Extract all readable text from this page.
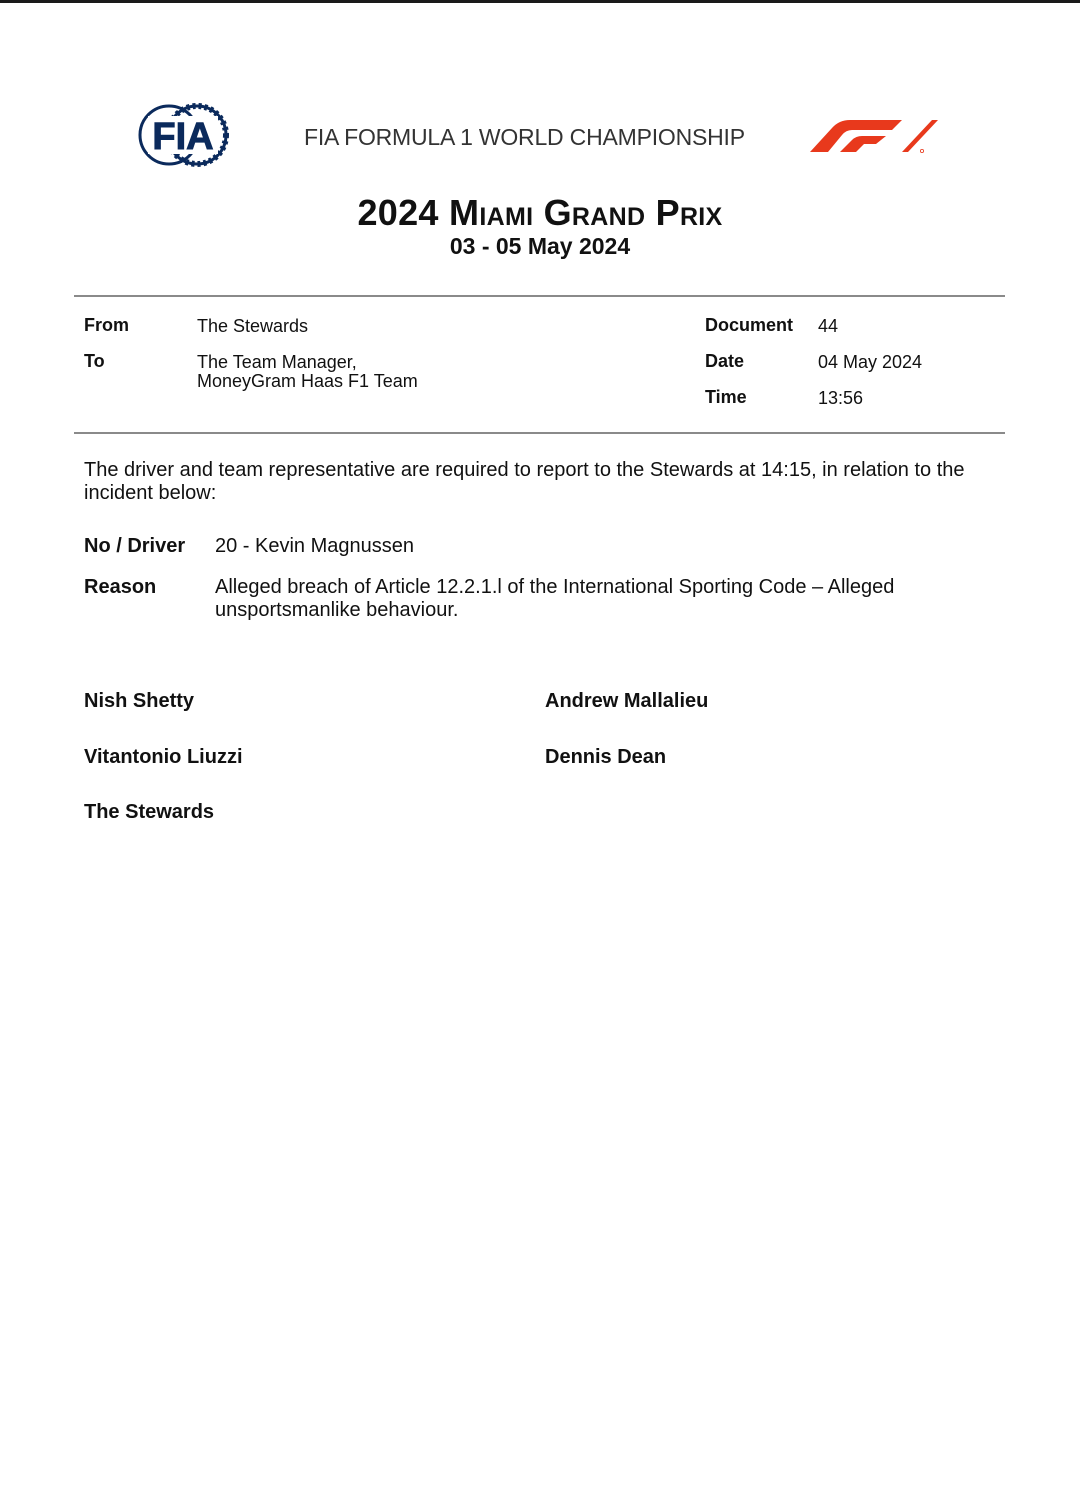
FIA	FIA FORMULA 1 WORLD CHAMPIONSHIP
2024 Miami Grand Prix
03 - 05 May 2024
From	The Stewards
To	The Team Manager,
MoneyGram Haas F1 Team
Document 44
Date	04 May 2024
Time	13:56
The driver and team representative are required to report to the Stewards at 14:15, in relation to the incident below:
No / Driver 20 - Kevin Magnussen
Reason	Alleged breach of Article 12.2.1.l of the International Sporting Code – Alleged unsportsmanlike behaviour.
Nish Shetty	Andrew Mallalieu
Vitantonio Liuzzi	Dennis Dean
The Stewards
